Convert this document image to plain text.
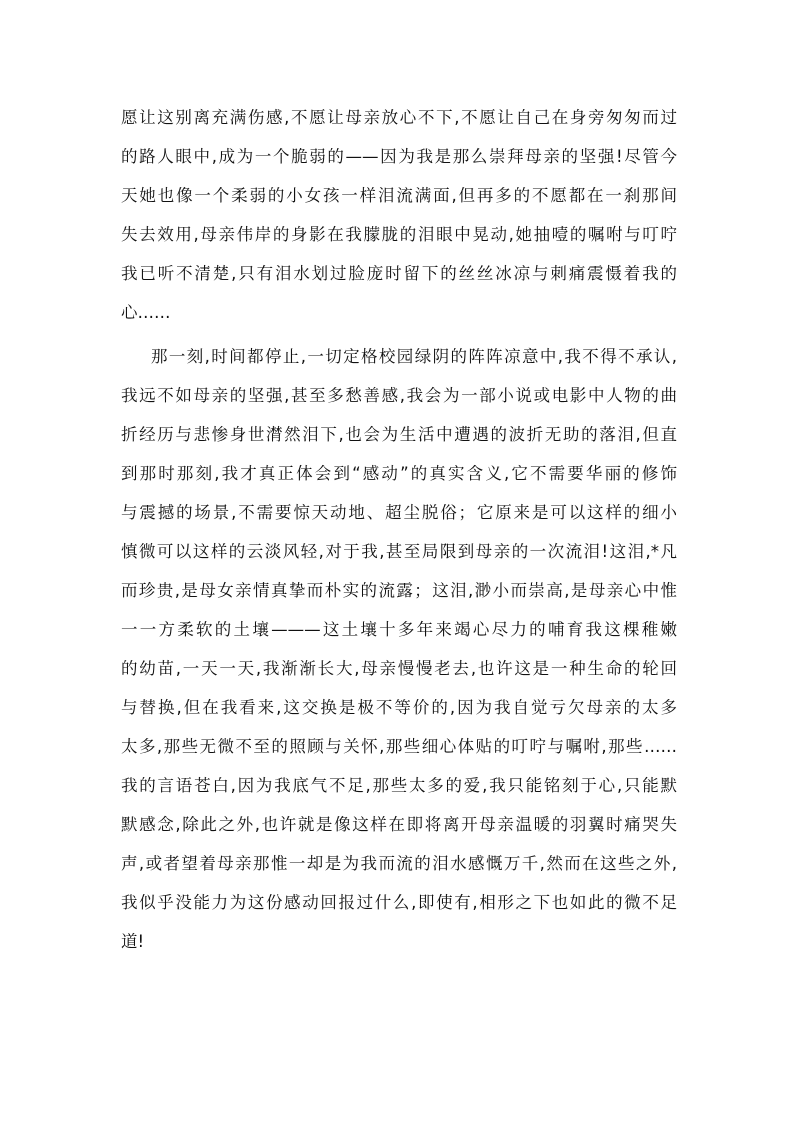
愿让这别离充满伤感,不愿让母亲放心不下,不愿让自己在身旁匆匆而过
的路人眼中,成为一个脆弱的——因为我是那么崇拜母亲的坚强!尽管今
天她也像一个柔弱的小女孩一样泪流满面,但再多的不愿都在一刹那间
失去效用,母亲伟岸的身影在我朦胧的泪眼中晃动,她抽噎的嘱咐与叮咛
我已听不清楚,只有泪水划过脸庞时留下的丝丝冰凉与刺痛震慑着我的
心……
那一刻,时间都停止,一切定格校园绿阴的阵阵凉意中,我不得不承认,
我远不如母亲的坚强,甚至多愁善感,我会为一部小说或电影中人物的曲
折经历与悲惨身世潸然泪下,也会为生活中遭遇的波折无助的落泪,但直
到那时那刻,我才真正体会到“感动”的真实含义,它不需要华丽的修饰
与震撼的场景,不需要惊天动地、超尘脱俗；它原来是可以这样的细小
慎微可以这样的云淡风轻,对于我,甚至局限到母亲的一次流泪!这泪,*凡
而珍贵,是母女亲情真挚而朴实的流露；这泪,渺小而崇高,是母亲心中惟
一一方柔软的土壤———这土壤十多年来竭心尽力的哺育我这棵稚嫩
的幼苗,一天一天,我渐渐长大,母亲慢慢老去,也许这是一种生命的轮回
与替换,但在我看来,这交换是极不等价的,因为我自觉亏欠母亲的太多
太多,那些无微不至的照顾与关怀,那些细心体贴的叮咛与嘱咐,那些……
我的言语苍白,因为我底气不足,那些太多的爱,我只能铭刻于心,只能默
默感念,除此之外,也许就是像这样在即将离开母亲温暖的羽翼时痛哭失
声,或者望着母亲那惟一却是为我而流的泪水感慨万千,然而在这些之外,
我似乎没能力为这份感动回报过什么,即使有,相形之下也如此的微不足
道!
